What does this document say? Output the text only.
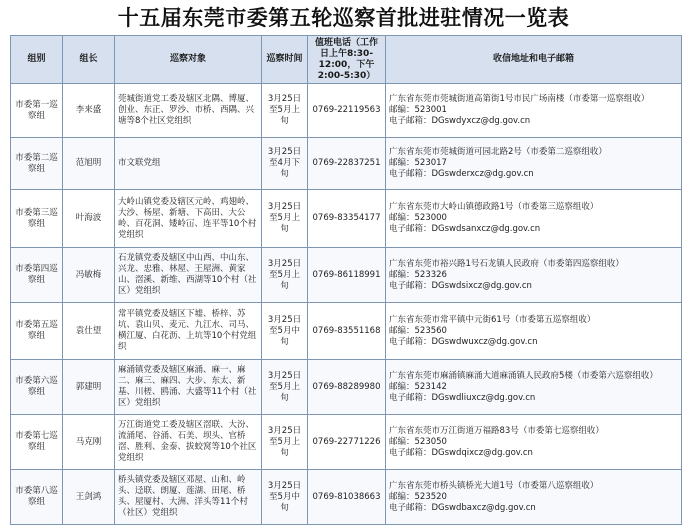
十五届东莞市委第五轮巡察首批进驻情况一览表
组别	组长	巡察对象	巡察时间	值班电话（工作日上午8:30-12:00，下午2:00-5:30）	收信地址和电子邮箱
市委第一巡察组	李来盛	莞城街道党工委及辖区北隅、博厦、创业、东正、罗沙、市桥、西隅、兴塘等8个社区党组织	3月25日至5月上旬	0769-22119563	广东省东莞市莞城街道高第街1号市民广场南楼（市委第一巡察组收）
邮编：523001
电子邮箱：DGswdyxcz@dg.gov.cn

市委第二巡察组	范旭明	市文联党组	3月25日至4月下旬	0769-22837251	广东省东莞市莞城街道可园北路2号（市委第二巡察组收）
邮编：523017
电子邮箱：DGswderxcz@dg.gov.cn

市委第三巡察组	叶海波	大岭山镇党委及辖区元岭、鸡翅岭、大沙、杨屋、新塘、下高田、大公岭、百花洞、矮岭冚、连平等10个村党组织	3月25日至5月上旬	0769-83354177	广东省东莞市大岭山镇德政路1号（市委第三巡察组收）
邮编：523000
电子邮箱：DGswdsanxcz@dg.gov.cn

市委第四巡察组	冯敏梅	石龙镇党委及辖区中山西、中山东、兴龙、忠雅、林屋、王屋洲、黄家山、滘溪、新维、西湖等10个村（社区）党组织	3月25日至5月上旬	0769-86118991	广东省东莞市裕兴路1号石龙镇人民政府（市委第四巡察组收）
邮编：523326
电子邮箱：DGswdsixcz@dg.gov.cn

市委第五巡察组	袁仕望	常平镇党委及辖区下墟、桥梓、苏坑、袁山贝、麦元、九江水、司马、横江厦、白花沥、上坑等10个村党组织	3月25日至5月中旬	0769-83551168	广东省东莞市常平镇中元街61号（市委第五巡察组收）
邮编：523560
电子邮箱：DGswdwuxcz@dg.gov.cn

市委第六巡察组	郭建明	麻涌镇党委及辖区麻涌、麻一、麻二、麻三、麻四、大步、东太、新基、川槎、鸥涌、大盛等11个村（社区）党组织	3月25日至5月上旬	0769-88289980	广东省东莞市麻涌镇麻涌大道麻涌镇人民政府5楼（市委第六巡察组收）
邮编：523142
电子邮箱：DGswdliuxcz@dg.gov.cn

市委第七巡察组	马克刚	万江街道党工委及辖区滘联、大汾、流涌尾、谷涌、石美、坝头、官桥滘、胜利、金泰、拔蛟窝等10个社区党组织	3月25日至5月上旬	0769-22771226	广东省东莞市万江街道万福路83号（市委第七巡察组收）
邮编：523050
电子邮箱：DGswdqixcz@dg.gov.cn

市委第八巡察组	王剑鸿	桥头镇党委及辖区邓屋、山和、岭头、迳联、朗厦、莲湖、田尾、桥头、屋厦村、大洲、洋头等11个村（社区）党组织	3月25日至5月中旬	0769-81038663	广东省东莞市桥头镇桥光大道1号（市委第八巡察组收）
邮编：523520
电子邮箱：DGswdbaxcz@dg.gov.cn
